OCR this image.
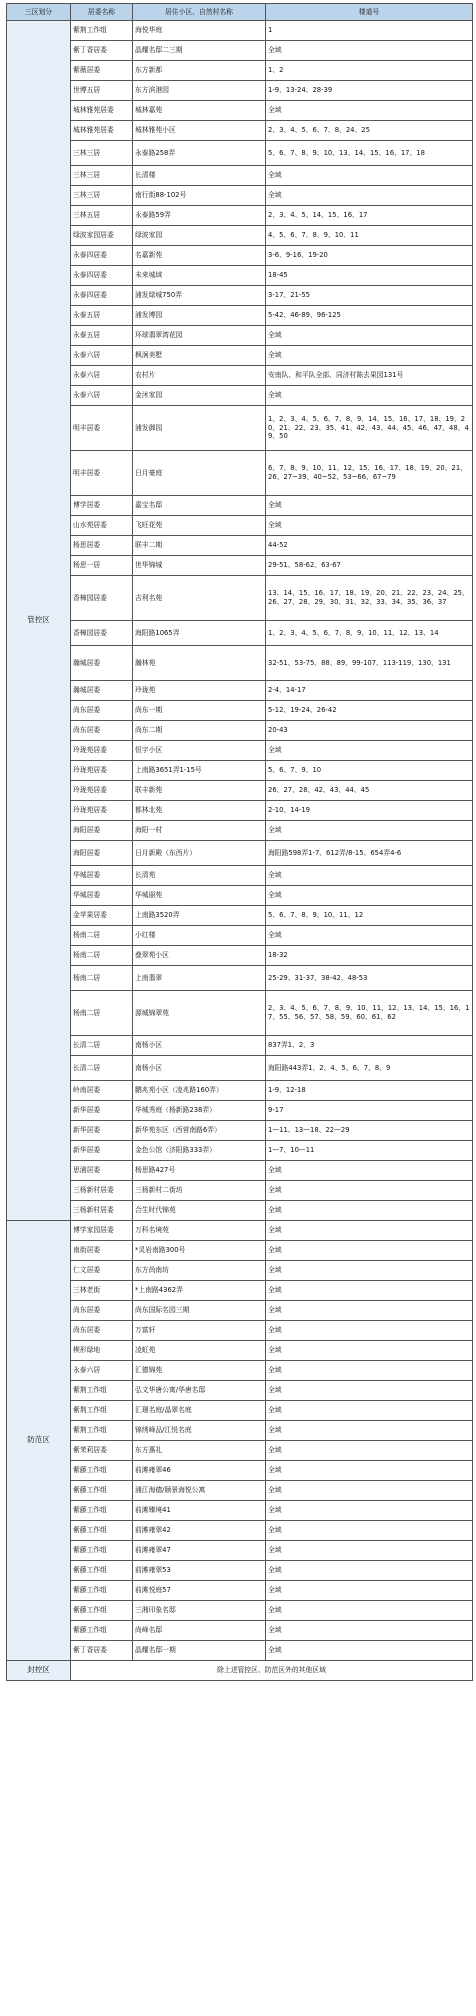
三区划分	居委名称	居住小区、自然村名称	楼道号
管控区	紫荆工作组	海悦华庭	1
	紫丁香居委	晶耀名邸二三期	全域
	紫薇居委	东方新都	1、2
	世博五居	东方滨港园	1-9、13-24、28-39
	城林雅苑居委	城林嘉苑	全域
	城林雅苑居委	城林雅苑小区	2、3、4、5、6、7、8、24、25
	三林三居	永泰路258弄	5、6、7、8、9、10、13、14、15、16、17、18
	三林三居	长清楼	全域
	三林三居	南行街88-102号	全域
	三林五居	永泰路59弄	2、3、4、5、14、15、16、17
	绿波家园居委	绿波家园	4、5、6、7、8、9、10、11
	永泰四居委	名嘉新苑	3-6、9-16、19-20
	永泰四居委	未来城域	18-45
	永泰四居委	浦发绿城750弄	3-17、21-55
	永泰五居	浦发博园	5-42、46-89、96-125
	永泰五居	环球翡翠湾花园	全域
	永泰六居	枫涧美墅	全域
	永泰六居	农村片	安南队、和平队全部、同济村陈去果园131号
	永泰六居	金沐家园	全域
	明丰居委	浦发御园	1、2、3、4、5、6、7、8、9、14、15、16、17、18、19、20、21、22、23、35、41、42、43、44、45、46、47、48、49、50
	明丰居委	日月豪庭	6、7、8、9、10、11、12、15、16、17、18、19、20、21、26、27~39、40~52、53~66、67~79
	博学居委	嘉宝名邸	全域
	山水苑居委	飞旺花苑	全域
	杨思居委	联丰二期	44-52
	杨思一居	世华锦城	29-51、58-62、63-67
	香樟园居委	吉利名苑	13、14、15、16、17、18、19、20、21、22、23、24、25、26、27、28、29、30、31、32、33、34、35、36、37
	香樟园居委	海阳路1065弄	1、2、3、4、5、6、7、8、9、10、11、12、13、14
	瀚城居委	瀚林苑	32-51、53-75、88、89、99-107、113-119、130、131
	瀚城居委	玲珑苑	2-4、14-17
	尚东居委	尚东一期	5-12、19-24、26-42
	尚东居委	尚东二期	20-43
	玲珑苑居委	恒宇小区	全域
	玲珑苑居委	上南路3651弄1-15号	5、6、7、9、10
	玲珑苑居委	联丰新苑	26、27、28、42、43、44、45
	玲珑苑居委	都林北苑	2-10、14-19
	海阳居委	海阳一村	全域
	海阳居委	日月新殿（东西片）	海阳路598弄1-7、612弄/8-15、654弄4-6
	华城居委	长清苑	全域
	华城居委	华城丽苑	全域
	金苹果居委	上南路3520弄	5、6、7、8、9、10、11、12
	杨南二居	小红楼	全域
	杨南二居	叠翠苑小区	18-32
	杨南二居	上南翡翠	25-29、31-37、38-42、48-53
	杨南二居	源城锦翠苑	2、3、4、5、6、7、8、9、10、11、12、13、14、15、16、17、55、56、57、58、59、60、61、62
	长清二居	南杨小区	837弄1、2、3
	长清二居	南杨小区	海阳路443弄1、2、4、5、6、7、8、9
	岭南居委	鹏兆苑小区（凌兆路160弄）	1-9、12-18
	新华居委	华城秀庭（杨新路238弄）	9-17
	新华居委	新华苑东区（西营南路6弄）	1—11、13—18、22—29
	新华居委	金色公馆（济阳路333弄）	1—7、10—11
	思浦居委	杨思路427号	全域
	三杨新村居委	三杨新村二街坊	全域
	三杨新村居委	合生时代锦苑	全域
防范区	博学家园居委	万科名境苑	全域
	南街居委	*灵岩南路300号	全域
	仁文居委	东方尚南坊	全域
	三林老街	*上南路4362弄	全域
	尚东居委	尚东国际名园三期	全域
	尚东居委	万富轩	全域
	楔形绿地	凌虹苑	全域
	永泰六居	汇德锦苑	全域
	紫荆工作组	弘文华唐公寓/华唐名邸	全域
	紫荆工作组	汇璟名庭/晶翠名庭	全域
	紫荆工作组	锦绣峰品/江悦名庭	全域
	紫茉莉居委	东方惠礼	全域
	紫藤工作组	前滩雍翠46	全域
	紫藤工作组	浦江海德/颐景海悦公寓	全域
	紫藤工作组	前滩臻境41	全域
	紫藤工作组	前滩雍翠42	全域
	紫藤工作组	前滩雍翠47	全域
	紫藤工作组	前滩雍翠53	全域
	紫藤工作组	前滩悦庭57	全域
	紫藤工作组	三湘印象名邸	全域
	紫藤工作组	尚峰名邸	全域
	紫丁香居委	晶耀名邸一期	全域
封控区	除上述管控区、防范区外的其他区域		
